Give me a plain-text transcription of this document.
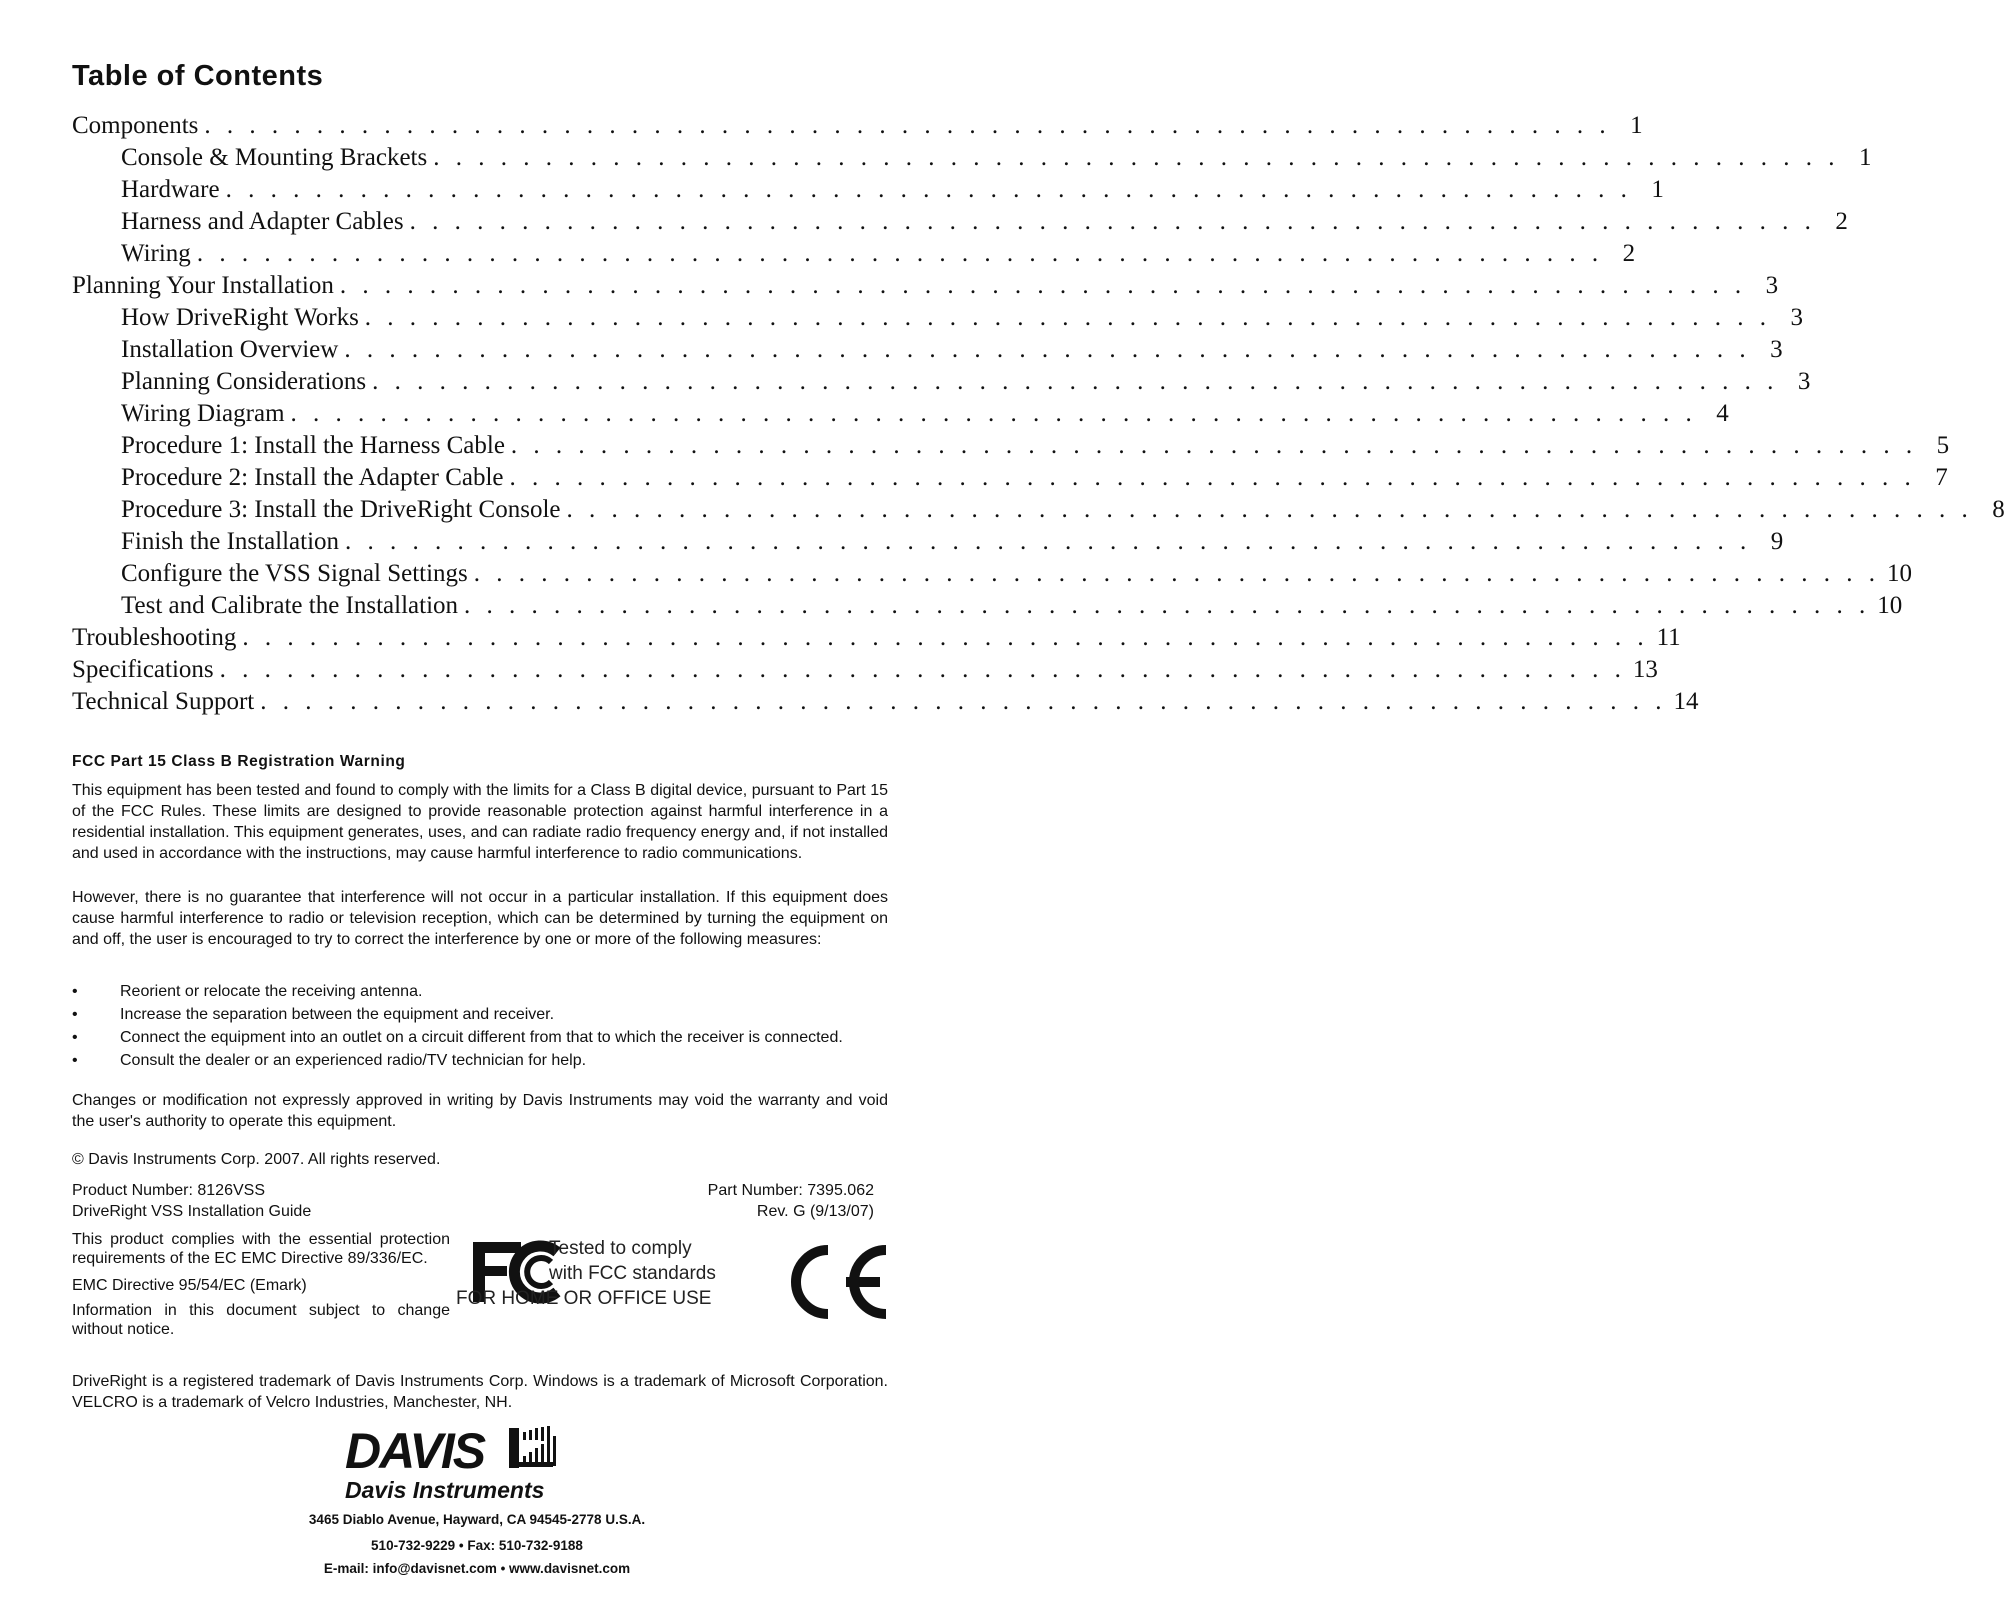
Table of Contents
Components . . . . . . . . . . . . . . . . . . . . . . . . . . . . . . . . . . . . . . . . . . . . . . . . . . . . . . . . . . . . . . . 1
Console & Mounting Brackets . . . . . . . . . . . . . . . . . . . . . . . . . . . . . . . . . . . . . . . . . . . . . . . . . . . . . . . . . . . . . . . 1
Hardware . . . . . . . . . . . . . . . . . . . . . . . . . . . . . . . . . . . . . . . . . . . . . . . . . . . . . . . . . . . . . . . 1
Harness and Adapter Cables . . . . . . . . . . . . . . . . . . . . . . . . . . . . . . . . . . . . . . . . . . . . . . . . . . . . . . . . . . . . . . . 2
Wiring . . . . . . . . . . . . . . . . . . . . . . . . . . . . . . . . . . . . . . . . . . . . . . . . . . . . . . . . . . . . . . . 2
Planning Your Installation . . . . . . . . . . . . . . . . . . . . . . . . . . . . . . . . . . . . . . . . . . . . . . . . . . . . . . . . . . . . . . . 3
How DriveRight Works . . . . . . . . . . . . . . . . . . . . . . . . . . . . . . . . . . . . . . . . . . . . . . . . . . . . . . . . . . . . . . . 3
Installation Overview . . . . . . . . . . . . . . . . . . . . . . . . . . . . . . . . . . . . . . . . . . . . . . . . . . . . . . . . . . . . . . . 3
Planning Considerations . . . . . . . . . . . . . . . . . . . . . . . . . . . . . . . . . . . . . . . . . . . . . . . . . . . . . . . . . . . . . . . 3
Wiring Diagram . . . . . . . . . . . . . . . . . . . . . . . . . . . . . . . . . . . . . . . . . . . . . . . . . . . . . . . . . . . . . . . 4
Procedure 1: Install the Harness Cable . . . . . . . . . . . . . . . . . . . . . . . . . . . . . . . . . . . . . . . . . . . . . . . . . . . . . . . . . . . . . . . 5
Procedure 2: Install the Adapter Cable . . . . . . . . . . . . . . . . . . . . . . . . . . . . . . . . . . . . . . . . . . . . . . . . . . . . . . . . . . . . . . . 7
Procedure 3: Install the DriveRight Console . . . . . . . . . . . . . . . . . . . . . . . . . . . . . . . . . . . . . . . . . . . . . . . . . . . . . . . . . . . . . . . 8
Finish the Installation . . . . . . . . . . . . . . . . . . . . . . . . . . . . . . . . . . . . . . . . . . . . . . . . . . . . . . . . . . . . . . . 9
Configure the VSS Signal Settings . . . . . . . . . . . . . . . . . . . . . . . . . . . . . . . . . . . . . . . . . . . . . . . . . . . . . . . . . . . . . . . 10
Test and Calibrate the Installation . . . . . . . . . . . . . . . . . . . . . . . . . . . . . . . . . . . . . . . . . . . . . . . . . . . . . . . . . . . . . . . 10
Troubleshooting . . . . . . . . . . . . . . . . . . . . . . . . . . . . . . . . . . . . . . . . . . . . . . . . . . . . . . . . . . . . . . . 11
Specifications . . . . . . . . . . . . . . . . . . . . . . . . . . . . . . . . . . . . . . . . . . . . . . . . . . . . . . . . . . . . . . . 13
Technical Support . . . . . . . . . . . . . . . . . . . . . . . . . . . . . . . . . . . . . . . . . . . . . . . . . . . . . . . . . . . . . . . 14
FCC Part 15 Class B Registration Warning
This equipment has been tested and found to comply with the limits for a Class B digital device, pursuant to Part 15 of the FCC Rules. These limits are designed to provide reasonable protection against harmful interference in a residential installation. This equipment generates, uses, and can radiate radio frequency energy and, if not installed and used in accordance with the instructions, may cause harmful interference to radio communications.
However, there is no guarantee that interference will not occur in a particular installation. If this equipment does cause harmful interference to radio or television reception, which can be determined by turning the equipment on and off, the user is encouraged to try to correct the interference by one or more of the following measures:
•	Reorient or relocate the receiving antenna.
•	Increase the separation between the equipment and receiver.
•	Connect the equipment into an outlet on a circuit different from that to which the receiver is connected.
•	Consult the dealer or an experienced radio/TV technician for help.
Changes or modification not expressly approved in writing by Davis Instruments may void the warranty and void the user's authority to operate this equipment.
© Davis Instruments Corp. 2007. All rights reserved.
Product Number: 8126VSS
DriveRight VSS Installation Guide
Part Number: 7395.062
Rev. G (9/13/07)
This product complies with the essential protection requirements of the EC EMC Directive 89/336/EC.
EMC Directive 95/54/EC (Emark)
Information in this document subject to change without notice.
Tested to comply
with FCC standards
FOR HOME OR OFFICE USE
DriveRight is a registered trademark of Davis Instruments Corp. Windows is a trademark of Microsoft Corporation. VELCRO is a trademark of Velcro Industries, Manchester, NH.
DAVIS
Davis Instruments
3465 Diablo Avenue, Hayward, CA 94545-2778 U.S.A.
510-732-9229 • Fax: 510-732-9188
E-mail: info@davisnet.com • www.davisnet.com
